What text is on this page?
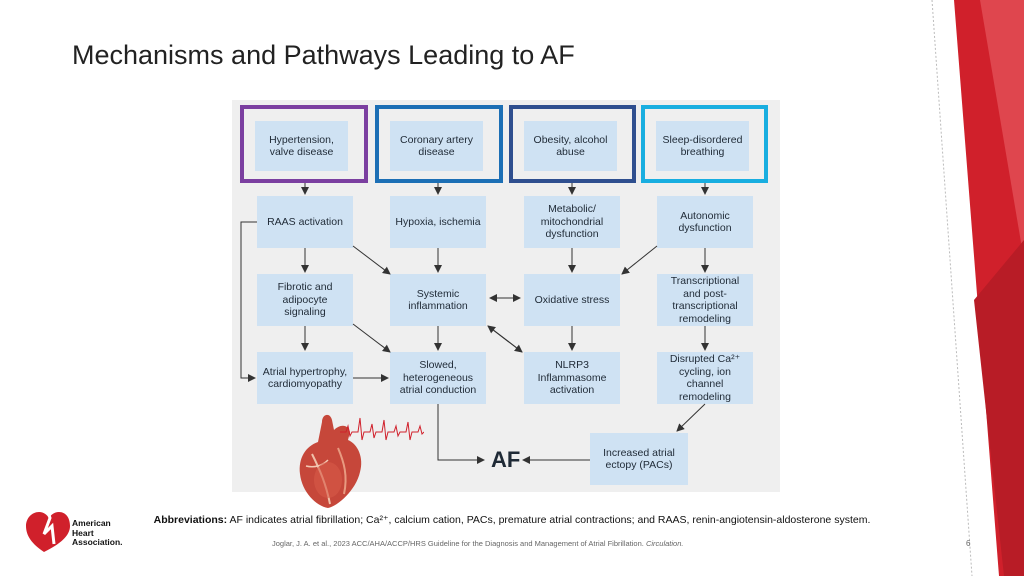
Mechanisms and Pathways Leading to AF
Hypertension, valve disease
Coronary artery disease
Obesity, alcohol abuse
Sleep-disordered breathing
RAAS activation	Hypoxia, ischemia
Metabolic/ mitochondrial dysfunction
Autonomic dysfunction
Fibrotic and adipocyte signaling
Systemic inflammation
Oxidative stress
Transcriptional and post-transcriptional remodeling
Atrial hypertrophy, cardiomyopathy
Slowed, heterogeneous atrial conduction
NLRP3 Inflammasome activation
Disrupted Ca²⁺ cycling, ion channel remodeling
Increased atrial ectopy (PACs)
AF
American
Heart
Association.
Abbreviations: AF indicates atrial fibrillation; Ca²⁺, calcium cation, PACs, premature atrial contractions; and RAAS, renin-angiotensin-aldosterone system.
Joglar, J. A. et al., 2023 ACC/AHA/ACCP/HRS Guideline for the Diagnosis and Management of Atrial Fibrillation. Circulation.	6
